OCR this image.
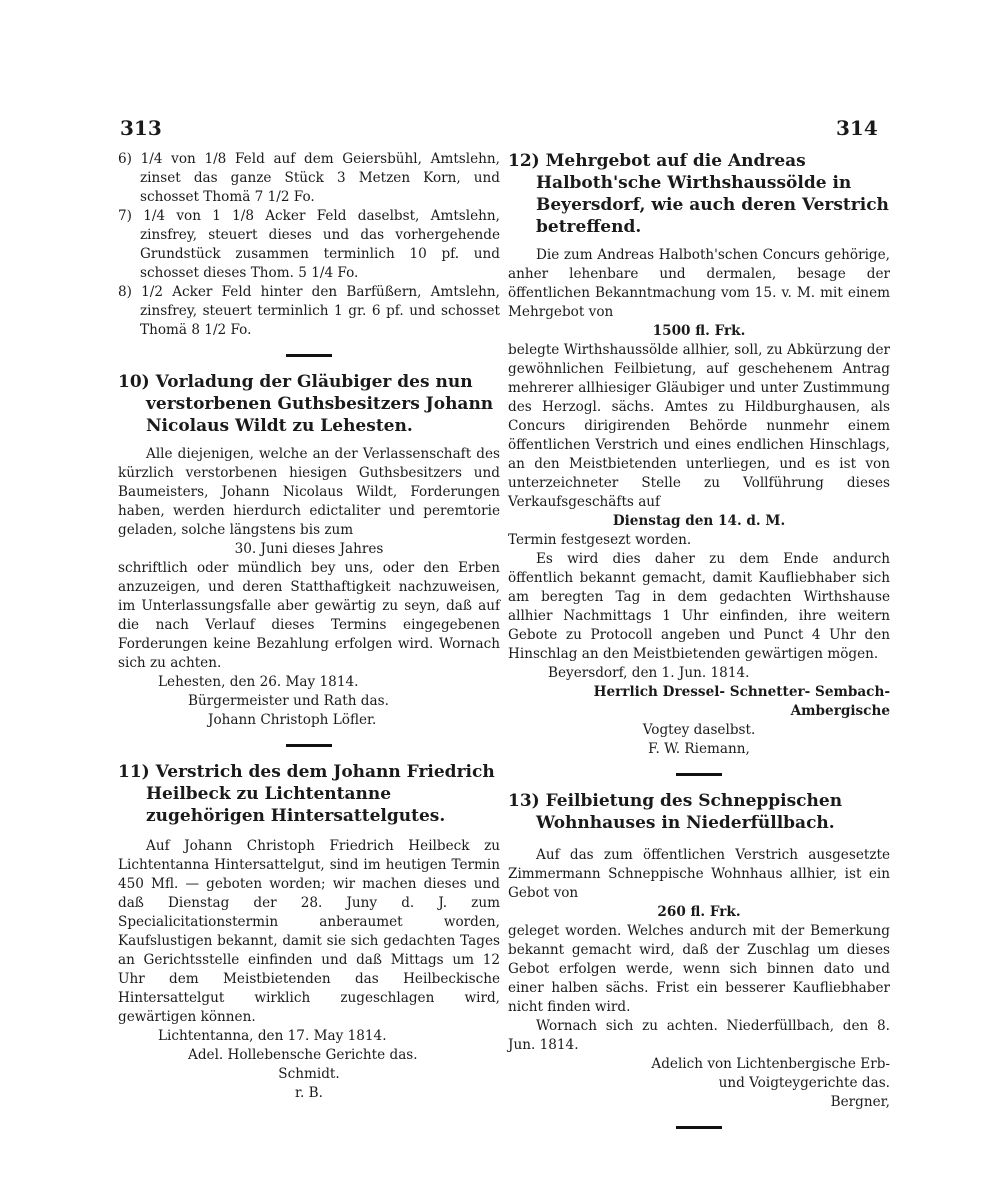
313	314

6) 1/4 von 1/8 Feld auf dem Geiersbühl, Amtslehn, zinset das ganze Stück 3 Metzen Korn, und schosset Thomä 7 1/2 Fo.

7) 1/4 von 1 1/8 Acker Feld daselbst, Amtslehn, zinsfrey, steuert dieses und das vorhergehende Grundstück zusammen terminlich 10 pf. und schosset dieses Thom. 5 1/4 Fo.

8) 1/2 Acker Feld hinter den Barfüßern, Amtslehn, zinsfrey, steuert terminlich 1 gr. 6 pf. und schosset Thomä 8 1/2 Fo.

10) Vorladung der Gläubiger des nun verstorbenen Guthsbesitzers Johann Nicolaus Wildt zu Lehesten.

Alle diejenigen, welche an der Verlassenschaft des kürzlich verstorbenen hiesigen Guthsbesitzers und Baumeisters, Johann Nicolaus Wildt, Forderungen haben, werden hierdurch edictaliter und peremtorie geladen, solche längstens bis zum

30. Juni dieses Jahres

schriftlich oder mündlich bey uns, oder den Erben anzuzeigen, und deren Statthaftigkeit nachzuweisen, im Unterlassungsfalle aber gewärtig zu seyn, daß auf die nach Verlauf dieses Termins eingegebenen Forderungen keine Bezahlung erfolgen wird. Wornach sich zu achten.

Lehesten, den 26. May 1814.

Bürgermeister und Rath das.

Johann Christoph Löfler.

11) Verstrich des dem Johann Friedrich Heilbeck zu Lichtentanne zugehörigen Hintersattelgutes.

Auf Johann Christoph Friedrich Heilbeck zu Lichtentanna Hintersattelgut, sind im heutigen Termin 450 Mfl. — geboten worden; wir machen dieses und daß Dienstag der 28. Juny d. J. zum Specialicitationstermin anberaumet worden, Kaufslustigen bekannt, damit sie sich gedachten Tages an Gerichtsstelle einfinden und daß Mittags um 12 Uhr dem Meistbietenden das Heilbeckische Hintersattelgut wirklich zugeschlagen wird, gewärtigen können.

Lichtentanna, den 17. May 1814.

Adel. Hollebensche Gerichte das.

Schmidt.

r. B.

12) Mehrgebot auf die Andreas Halboth'sche Wirthshaussölde in Beyersdorf, wie auch deren Verstrich betreffend.

Die zum Andreas Halboth'schen Concurs gehörige, anher lehenbare und dermalen, besage der öffentlichen Bekanntmachung vom 15. v. M. mit einem Mehrgebot von

1500 fl. Frk.

belegte Wirthshaussölde allhier, soll, zu Abkürzung der gewöhnlichen Feilbietung, auf geschehenem Antrag mehrerer allhiesiger Gläubiger und unter Zustimmung des Herzogl. sächs. Amtes zu Hildburghausen, als Concurs dirigirenden Behörde nunmehr einem öffentlichen Verstrich und eines endlichen Hinschlags, an den Meistbietenden unterliegen, und es ist von unterzeichneter Stelle zu Vollführung dieses Verkaufsgeschäfts auf

Dienstag den 14. d. M.

Termin festgesezt worden.

Es wird dies daher zu dem Ende andurch öffentlich bekannt gemacht, damit Kaufliebhaber sich am beregten Tag in dem gedachten Wirthshause allhier Nachmittags 1 Uhr einfinden, ihre weitern Gebote zu Protocoll angeben und Punct 4 Uhr den Hinschlag an den Meistbietenden gewärtigen mögen.

Beyersdorf, den 1. Jun. 1814.

Herrlich Dressel- Schnetter- Sembach-Ambergische

Vogtey daselbst.

F. W. Riemann,

13) Feilbietung des Schneppischen Wohnhauses in Niederfüllbach.

Auf das zum öffentlichen Verstrich ausgesetzte Zimmermann Schneppische Wohnhaus allhier, ist ein Gebot von

260 fl. Frk.

geleget worden. Welches andurch mit der Bemerkung bekannt gemacht wird, daß der Zuschlag um dieses Gebot erfolgen werde, wenn sich binnen dato und einer halben sächs. Frist ein besserer Kaufliebhaber nicht finden wird.

Wornach sich zu achten. Niederfüllbach, den 8. Jun. 1814.

Adelich von Lichtenbergische Erb-

und Voigteygerichte das.

Bergner,
